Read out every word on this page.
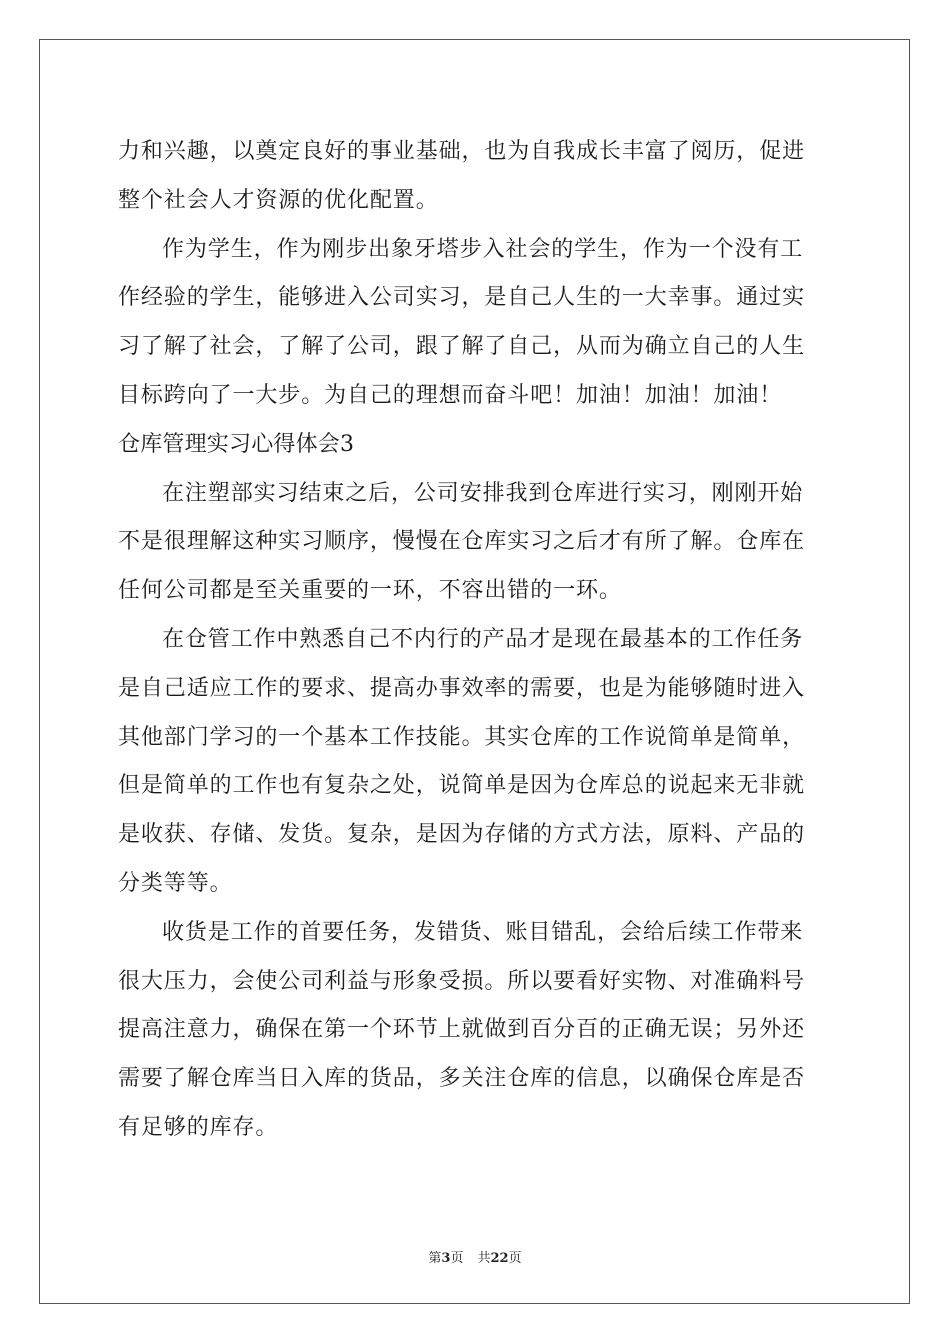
力和兴趣，以奠定良好的事业基础，也为自我成长丰富了阅历，促进
整个社会人才资源的优化配置。
作为学生，作为刚步出象牙塔步入社会的学生，作为一个没有工
作经验的学生，能够进入公司实习，是自己人生的一大幸事。通过实
习了解了社会，了解了公司，跟了解了自己，从而为确立自己的人生
目标跨向了一大步。为自己的理想而奋斗吧！加油！加油！加油！
仓库管理实习心得体会3
在注塑部实习结束之后，公司安排我到仓库进行实习，刚刚开始
不是很理解这种实习顺序，慢慢在仓库实习之后才有所了解。仓库在
任何公司都是至关重要的一环，不容出错的一环。
在仓管工作中熟悉自己不内行的产品才是现在最基本的工作任务
是自己适应工作的要求、提高办事效率的需要，也是为能够随时进入
其他部门学习的一个基本工作技能。其实仓库的工作说简单是简单，
但是简单的工作也有复杂之处，说简单是因为仓库总的说起来无非就
是收获、存储、发货。复杂，是因为存储的方式方法，原料、产品的
分类等等。
收货是工作的首要任务，发错货、账目错乱，会给后续工作带来
很大压力，会使公司利益与形象受损。所以要看好实物、对准确料号
提高注意力，确保在第一个环节上就做到百分百的正确无误；另外还
需要了解仓库当日入库的货品，多关注仓库的信息，以确保仓库是否
有足够的库存。
第3页 共22页
